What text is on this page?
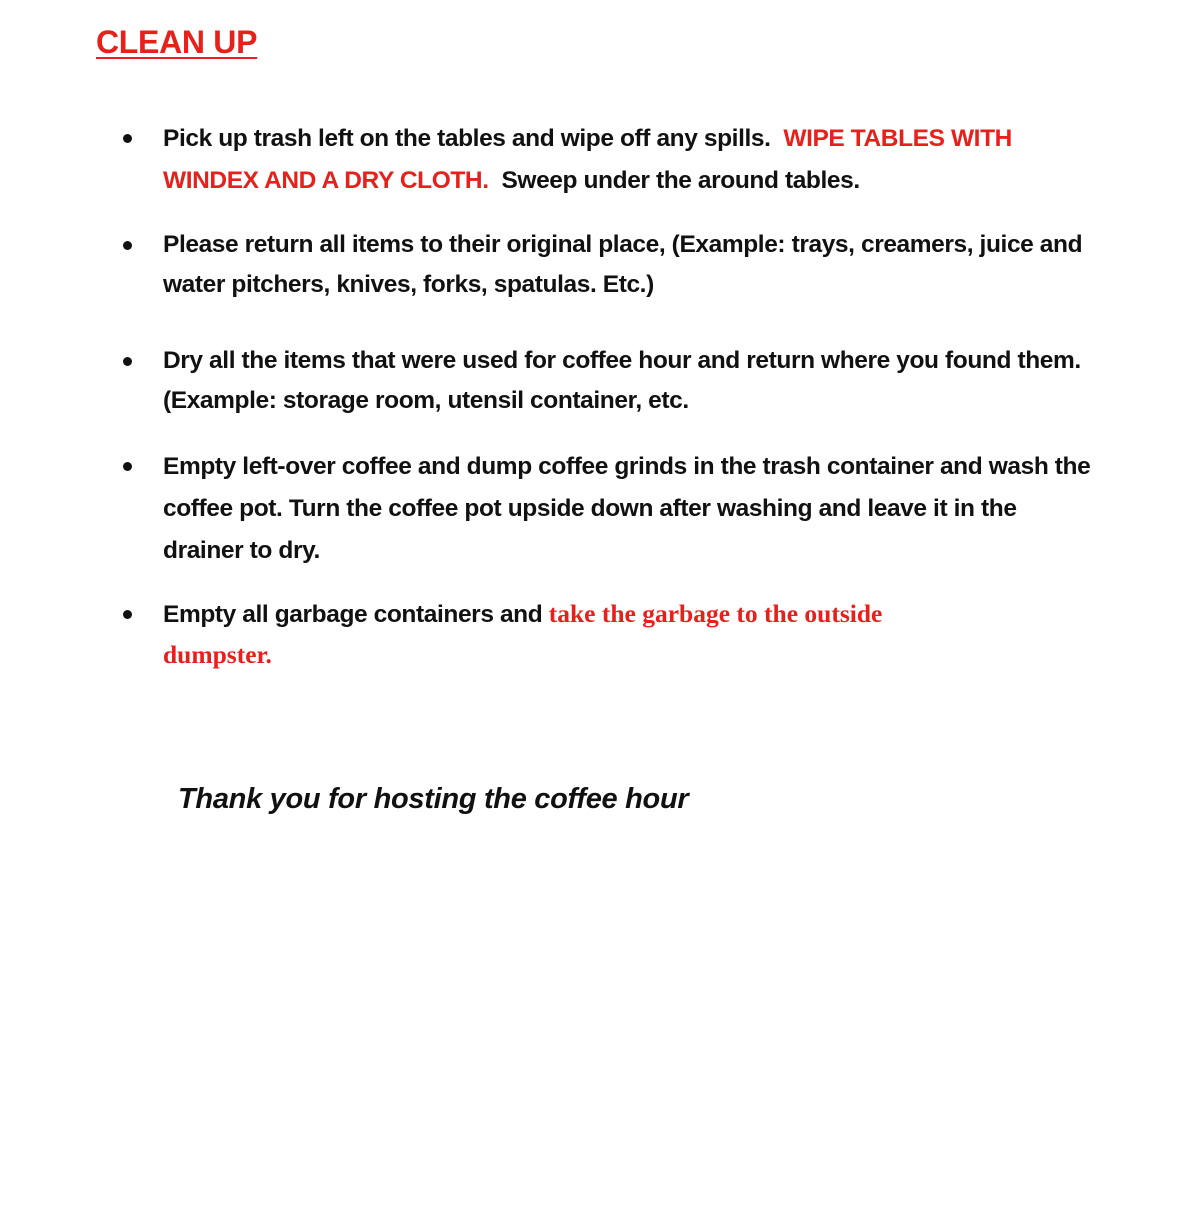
CLEAN UP
Pick up trash left on the tables and wipe off any spills. WIPE TABLES WITH WINDEX AND A DRY CLOTH. Sweep under the around tables.
Please return all items to their original place, (Example: trays, creamers, juice and water pitchers, knives, forks, spatulas. Etc.)
Dry all the items that were used for coffee hour and return where you found them. (Example: storage room, utensil container, etc.
Empty left-over coffee and dump coffee grinds in the trash container and wash the coffee pot. Turn the coffee pot upside down after washing and leave it in the drainer to dry.
Empty all garbage containers and take the garbage to the outside dumpster.

Thank you for hosting the coffee hour
